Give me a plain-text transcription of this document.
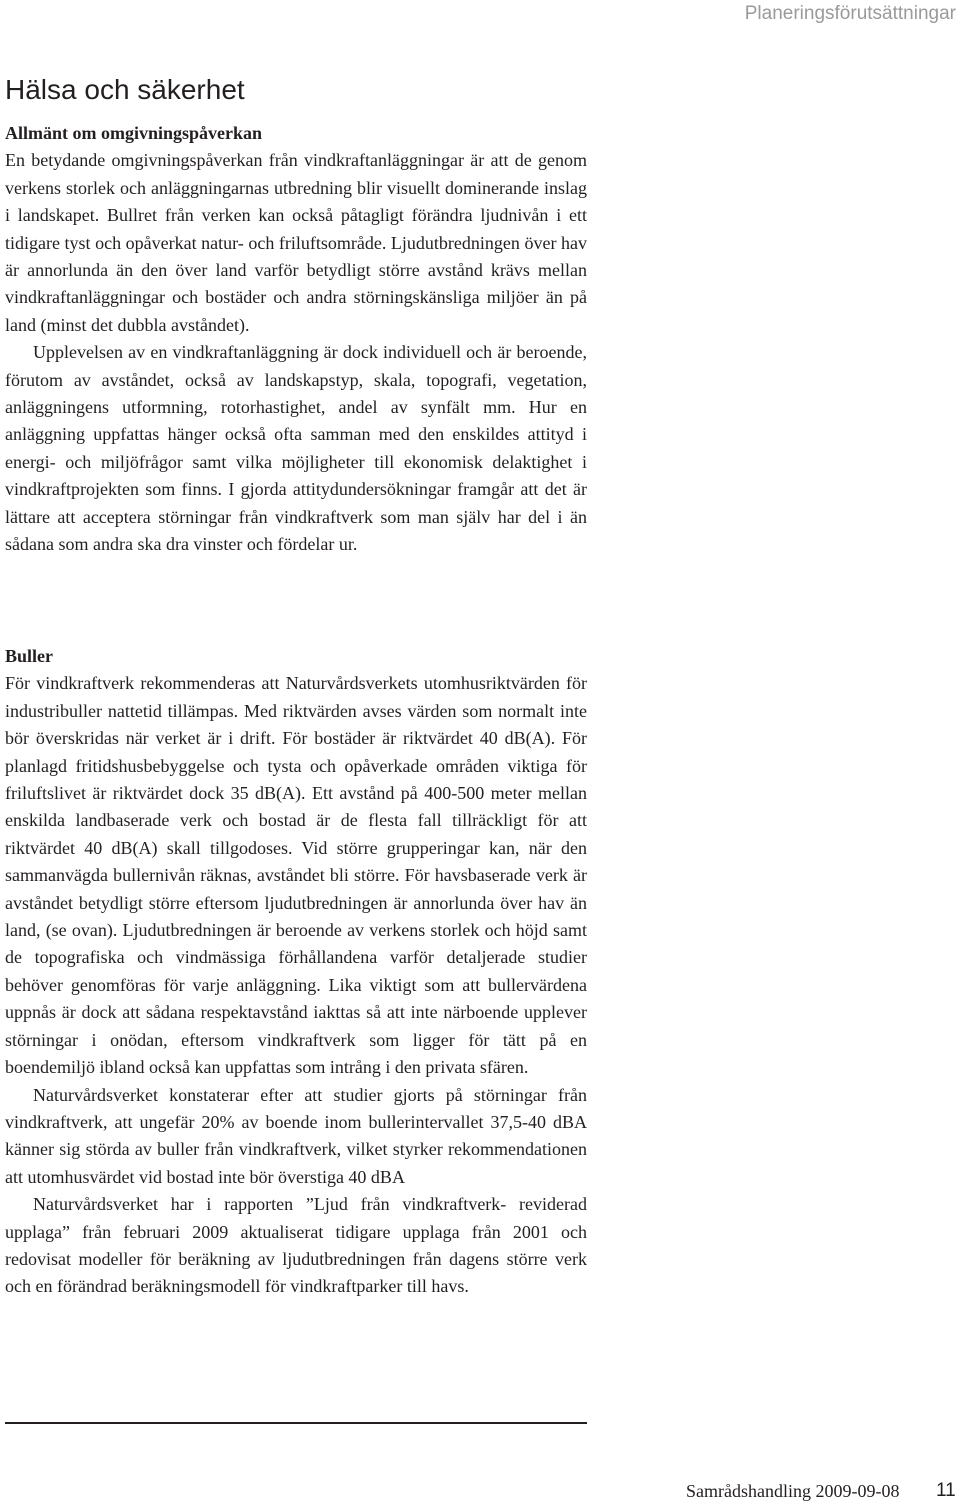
Planeringsförutsättningar
Hälsa och säkerhet
Allmänt om omgivningspåverkan

En betydande omgivningspåverkan från vindkraftanläggningar är att de genom verkens storlek och anläggningarnas utbredning blir visuellt dominerande inslag i landskapet. Bullret från verken kan också påtagligt förändra ljudnivån i ett tidigare tyst och opåverkat natur- och friluftsområde. Ljudutbredningen över hav är annorlunda än den över land varför betydligt större avstånd krävs mellan vindkraftanläggningar och bostäder och andra störningskänsliga miljöer än på land (minst det dubbla avståndet).

Upplevelsen av en vindkraftanläggning är dock individuell och är beroende, förutom av avståndet, också av landskapstyp, skala, topografi, vegetation, anläggningens utformning, rotorhastighet, andel av synfält mm. Hur en anläggning uppfattas hänger också ofta samman med den enskildes attityd i energi- och miljöfrågor samt vilka möjligheter till ekonomisk delaktighet i vindkraftprojekten som finns. I gjorda attitydundersökningar framgår att det är lättare att acceptera störningar från vindkraftverk som man själv har del i än sådana som andra ska dra vinster och fördelar ur.

Buller

För vindkraftverk rekommenderas att Naturvårdsverkets utomhusriktvärden för industribuller nattetid tillämpas. Med riktvärden avses värden som normalt inte bör överskridas när verket är i drift. För bostäder är riktvärdet 40 dB(A). För planlagd fritidshusbebyggelse och tysta och opåverkade områden viktiga för friluftslivet är riktvärdet dock 35 dB(A). Ett avstånd på 400-500 meter mellan enskilda landbaserade verk och bostad är de flesta fall tillräckligt för att riktvärdet 40 dB(A) skall tillgodoses. Vid större grupperingar kan, när den sammanvägda bullernivån räknas, avståndet bli större. För havsbaserade verk är avståndet betydligt större eftersom ljudutbredningen är annorlunda över hav än land, (se ovan). Ljudutbredningen är beroende av verkens storlek och höjd samt de topografiska och vindmässiga förhållandena varför detaljerade studier behöver genomföras för varje anläggning. Lika viktigt som att bullervärdena uppnås är dock att sådana respektavstånd iakttas så att inte närboende upplever störningar i onödan, eftersom vindkraftverk som ligger för tätt på en boendemiljö ibland också kan uppfattas som intrång i den privata sfären.

Naturvårdsverket konstaterar efter att studier gjorts på störningar från vindkraftverk, att ungefär 20% av boende inom bullerintervallet 37,5-40 dBA känner sig störda av buller från vindkraftverk, vilket styrker rekommendationen att utomhusvärdet vid bostad inte bör överstiga 40 dBA

Naturvårdsverket har i rapporten ”Ljud från vindkraftverk- reviderad upplaga” från februari 2009 aktualiserat tidigare upplaga från 2001 och redovisat modeller för beräkning av ljudutbredningen från dagens större verk och en förändrad beräkningsmodell för vindkraftparker till havs.

Samrådshandling 2009-09-08 11
